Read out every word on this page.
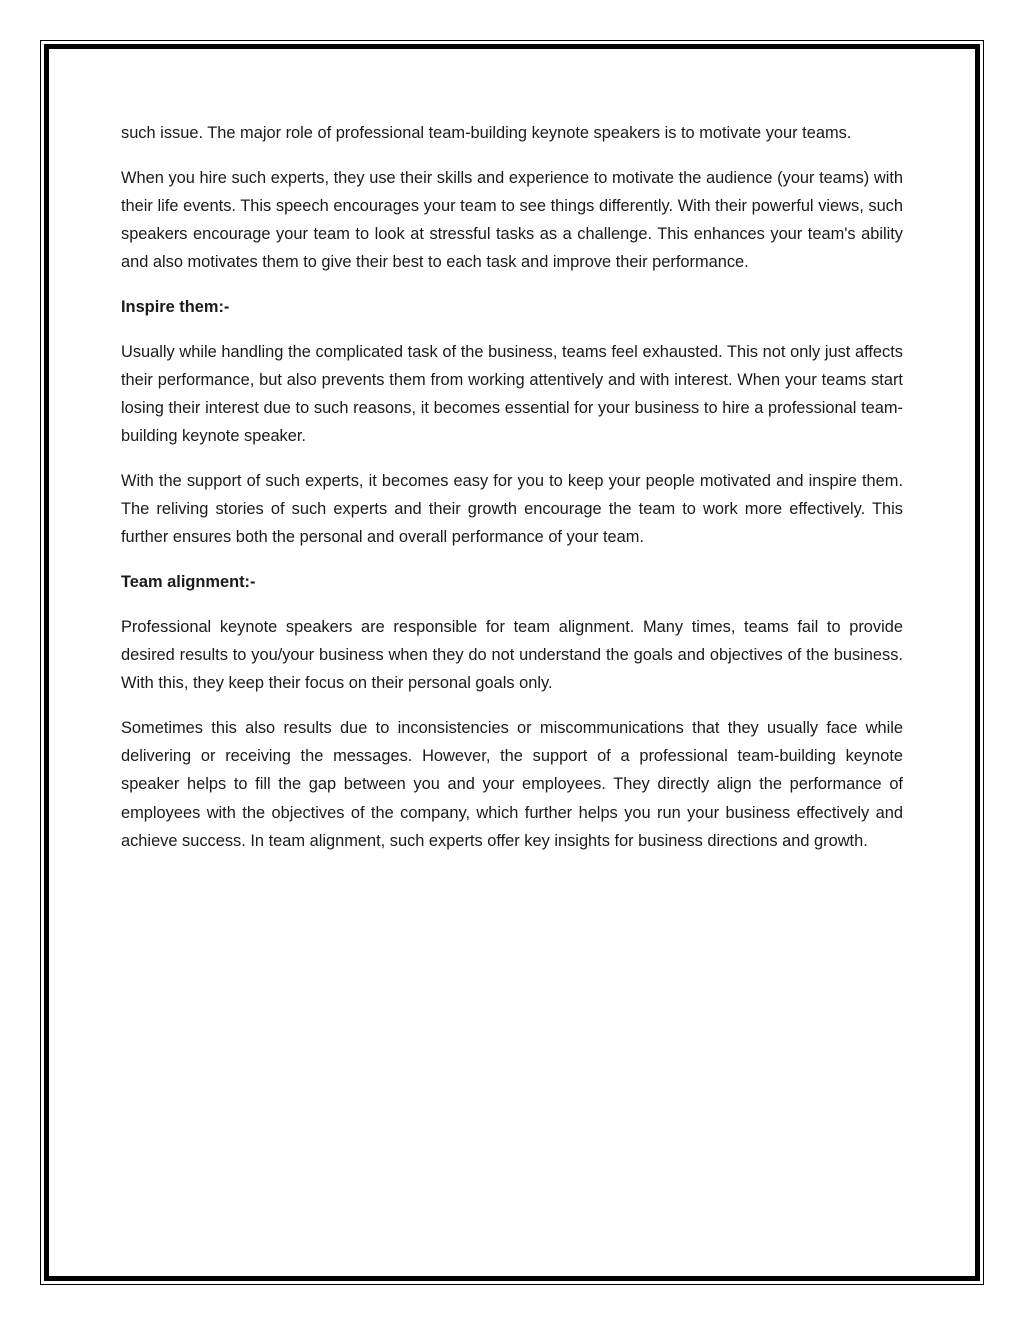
such issue. The major role of professional team-building keynote speakers is to motivate your teams.

When you hire such experts, they use their skills and experience to motivate the audience (your teams) with their life events. This speech encourages your team to see things differently. With their powerful views, such speakers encourage your team to look at stressful tasks as a challenge. This enhances your team's ability and also motivates them to give their best to each task and improve their performance.

Inspire them:-

Usually while handling the complicated task of the business, teams feel exhausted. This not only just affects their performance, but also prevents them from working attentively and with interest. When your teams start losing their interest due to such reasons, it becomes essential for your business to hire a professional team-building keynote speaker.

With the support of such experts, it becomes easy for you to keep your people motivated and inspire them. The reliving stories of such experts and their growth encourage the team to work more effectively. This further ensures both the personal and overall performance of your team.

Team alignment:-

Professional keynote speakers are responsible for team alignment. Many times, teams fail to provide desired results to you/your business when they do not understand the goals and objectives of the business. With this, they keep their focus on their personal goals only.

Sometimes this also results due to inconsistencies or miscommunications that they usually face while delivering or receiving the messages. However, the support of a professional team-building keynote speaker helps to fill the gap between you and your employees. They directly align the performance of employees with the objectives of the company, which further helps you run your business effectively and achieve success. In team alignment, such experts offer key insights for business directions and growth.
